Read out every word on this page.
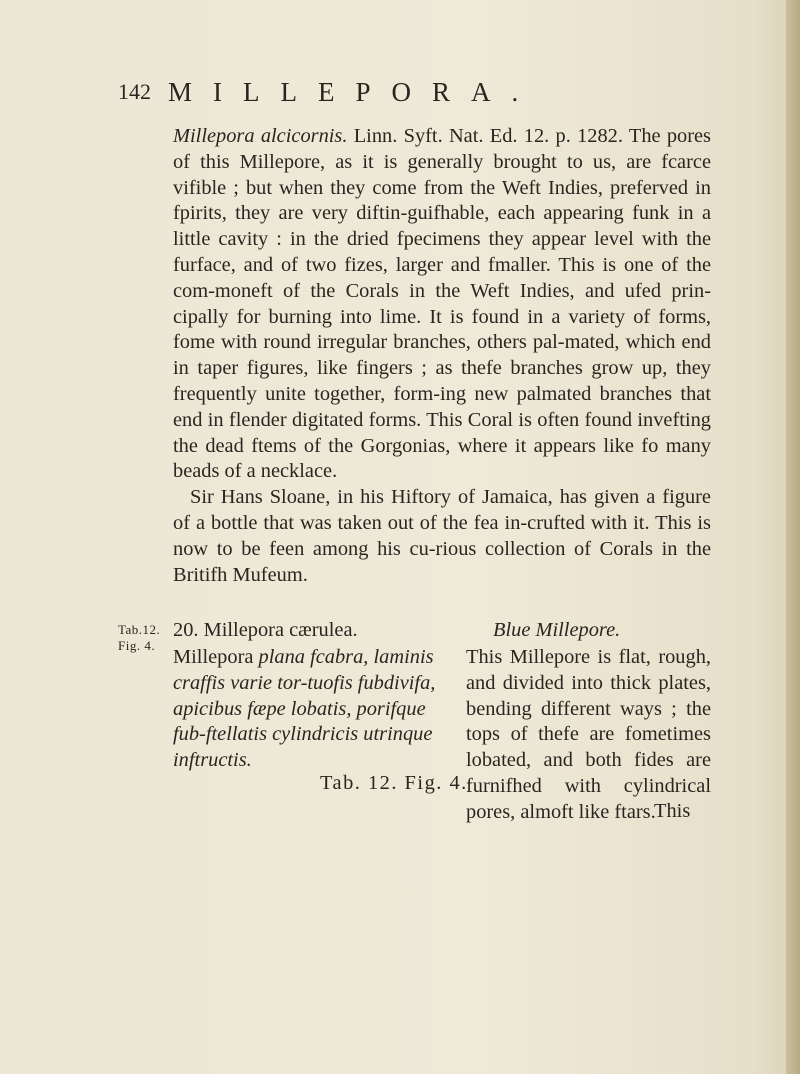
142 MILLEPORA.

Millepora alcicornis. Linn. Syft. Nat. Ed. 12. p. 1282. The pores of this Millepore, as it is generally brought to us, are fcarce vifible ; but when they come from the Weft Indies, preferved in fpirits, they are very diftin-guifhable, each appearing funk in a little cavity : in the dried fpecimens they appear level with the furface, and of two fizes, larger and fmaller. This is one of the com-moneft of the Corals in the Weft Indies, and ufed prin-cipally for burning into lime. It is found in a variety of forms, fome with round irregular branches, others pal-mated, which end in taper figures, like fingers ; as thefe branches grow up, they frequently unite together, form-ing new palmated branches that end in flender digitated forms. This Coral is often found invefting the dead ftems of the Gorgonias, where it appears like fo many beads of a necklace.

Sir Hans Sloane, in his Hiftory of Jamaica, has given a figure of a bottle that was taken out of the fea in-crufted with it. This is now to be feen among his cu-rious collection of Corals in the Britifh Mufeum.

Tab.12.
Fig. 4.
20. Millepora cærulea.	Blue Millepore.
Millepora plana fcabra, laminis craffis varie tor-tuofis fubdivifa, apicibus fæpe lobatis, porifque fub-ftellatis cylindricis utrinque inftructis.
This Millepore is flat, rough, and divided into thick plates, bending different ways ; the tops of thefe are fometimes lobated, and both fides are furnifhed with cylindrical pores, almoft like ftars.
Tab. 12. Fig. 4.
This
